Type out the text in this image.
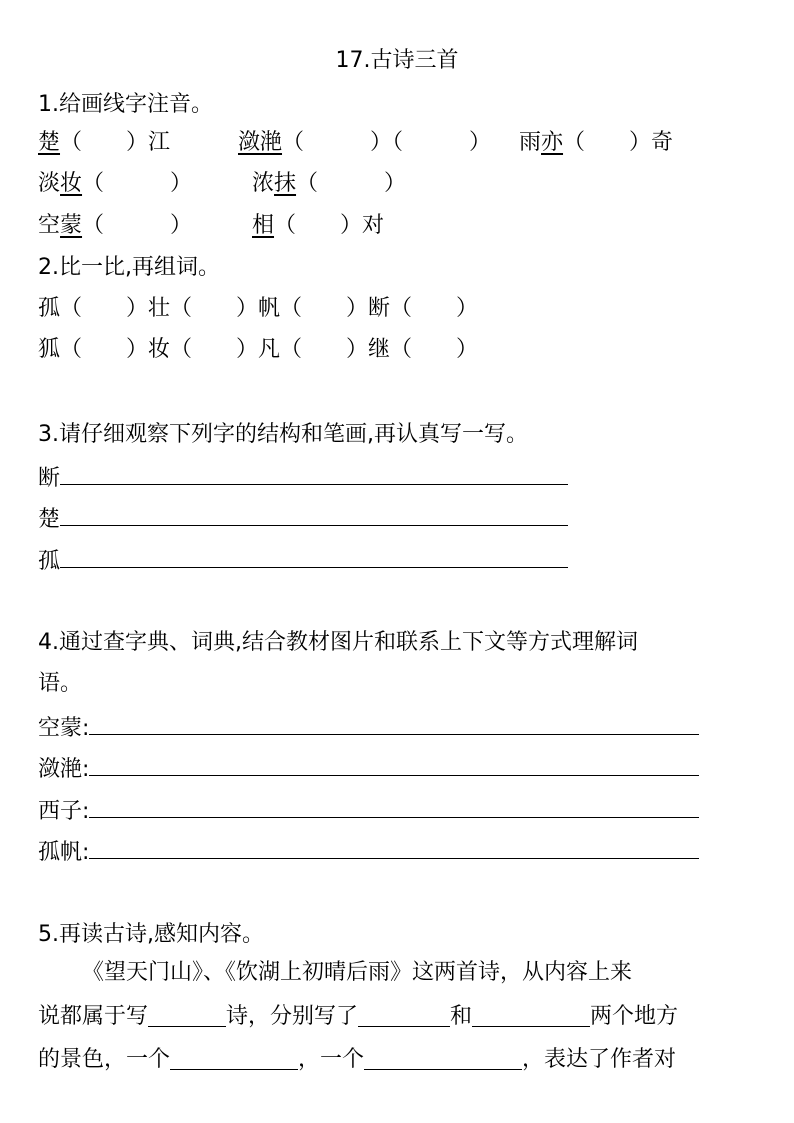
17.古诗三首
1.给画线字注音。
楚（　　）江	潋滟（　　　）（　　　） 雨亦（　　）奇
淡妆（　　　）	浓抹（　　　）
空蒙（　　　）	相（　　）对
2.比一比,再组词。
孤（　　）壮（　　）帆（　　）断（　　）
狐（　　）妆（　　）凡（　　）继（　　）
3.请仔细观察下列字的结构和笔画,再认真写一写。
断
楚
孤
4.通过查字典、词典,结合教材图片和联系上下文等方式理解词
语。
空蒙:
潋滟:
西子:
孤帆:
5.再读古诗,感知内容。
《望天门山》、《饮湖上初晴后雨》这两首诗，从内容上来
说都属于写	诗，分别写了	和	两个地方
的景色，一个	，一个	，表达了作者对
